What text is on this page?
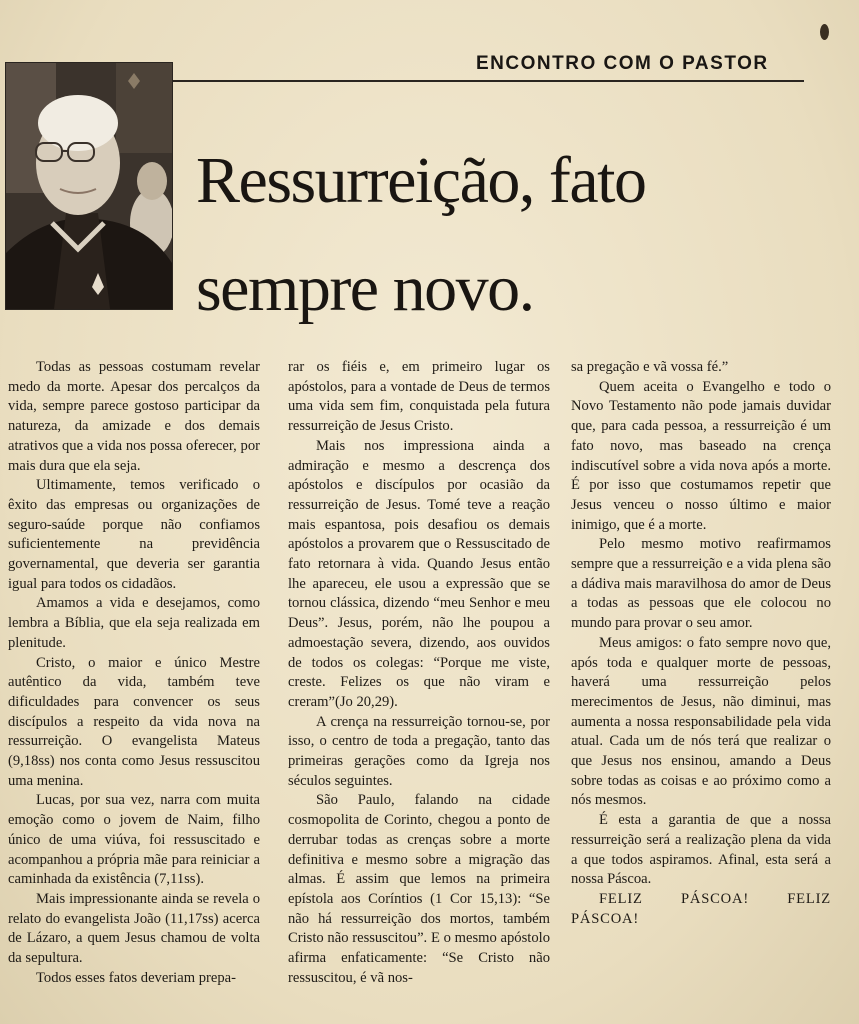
ENCONTRO COM O PASTOR
Ressurreição, fato
sempre novo.

Todas as pessoas costumam revelar medo da morte. Apesar dos percalços da vida, sempre parece gostoso participar da natureza, da amizade e dos demais atrativos que a vida nos possa oferecer, por mais dura que ela seja.

Ultimamente, temos verificado o êxito das empresas ou organizações de seguro-saúde porque não confiamos suficientemente na previdência governamental, que deveria ser garantia igual para todos os cidadãos.

Amamos a vida e desejamos, como lembra a Bíblia, que ela seja realizada em plenitude.

Cristo, o maior e único Mestre autêntico da vida, também teve dificuldades para convencer os seus discípulos a respeito da vida nova na ressurreição. O evangelista Mateus (9,18ss) nos conta como Jesus ressuscitou uma menina.

Lucas, por sua vez, narra com muita emoção como o jovem de Naim, filho único de uma viúva, foi ressuscitado e acompanhou a própria mãe para reiniciar a caminhada da existência (7,11ss).

Mais impressionante ainda se revela o relato do evangelista João (11,17ss) acerca de Lázaro, a quem Jesus chamou de volta da sepultura.

Todos esses fatos deveriam prepa-

rar os fiéis e, em primeiro lugar os apóstolos, para a vontade de Deus de termos uma vida sem fim, conquistada pela futura ressurreição de Jesus Cristo.

Mais nos impressiona ainda a admiração e mesmo a descrença dos apóstolos e discípulos por ocasião da ressurreição de Jesus. Tomé teve a reação mais espantosa, pois desafiou os demais apóstolos a provarem que o Ressuscitado de fato retornara à vida. Quando Jesus então lhe apareceu, ele usou a expressão que se tornou clássica, dizendo “meu Senhor e meu Deus”. Jesus, porém, não lhe poupou a admoestação severa, dizendo, aos ouvidos de todos os colegas: “Porque me viste, creste. Felizes os que não viram e creram”(Jo 20,29).

A crença na ressurreição tornou-se, por isso, o centro de toda a pregação, tanto das primeiras gerações como da Igreja nos séculos seguintes.

São Paulo, falando na cidade cosmopolita de Corinto, chegou a ponto de derrubar todas as crenças sobre a morte definitiva e mesmo sobre a migração das almas. É assim que lemos na primeira epístola aos Coríntios (1 Cor 15,13): “Se não há ressurreição dos mortos, também Cristo não ressuscitou”. E o mesmo apóstolo afirma enfaticamente: “Se Cristo não ressuscitou, é vã nos-

sa pregação e vã vossa fé.”

Quem aceita o Evangelho e todo o Novo Testamento não pode jamais duvidar que, para cada pessoa, a ressurreição é um fato novo, mas baseado na crença indiscutível sobre a vida nova após a morte. É por isso que costumamos repetir que Jesus venceu o nosso último e maior inimigo, que é a morte.

Pelo mesmo motivo reafirmamos sempre que a ressurreição e a vida plena são a dádiva mais maravilhosa do amor de Deus a todas as pessoas que ele colocou no mundo para provar o seu amor.

Meus amigos: o fato sempre novo que, após toda e qualquer morte de pessoas, haverá uma ressurreição pelos merecimentos de Jesus, não diminui, mas aumenta a nossa responsabilidade pela vida atual. Cada um de nós terá que realizar o que Jesus nos ensinou, amando a Deus sobre todas as coisas e ao próximo como a nós mesmos.

É esta a garantia de que a nossa ressurreição será a realização plena da vida a que todos aspiramos. Afinal, esta será a nossa Páscoa.

FELIZ PÁSCOA! FELIZ PÁSCOA!
